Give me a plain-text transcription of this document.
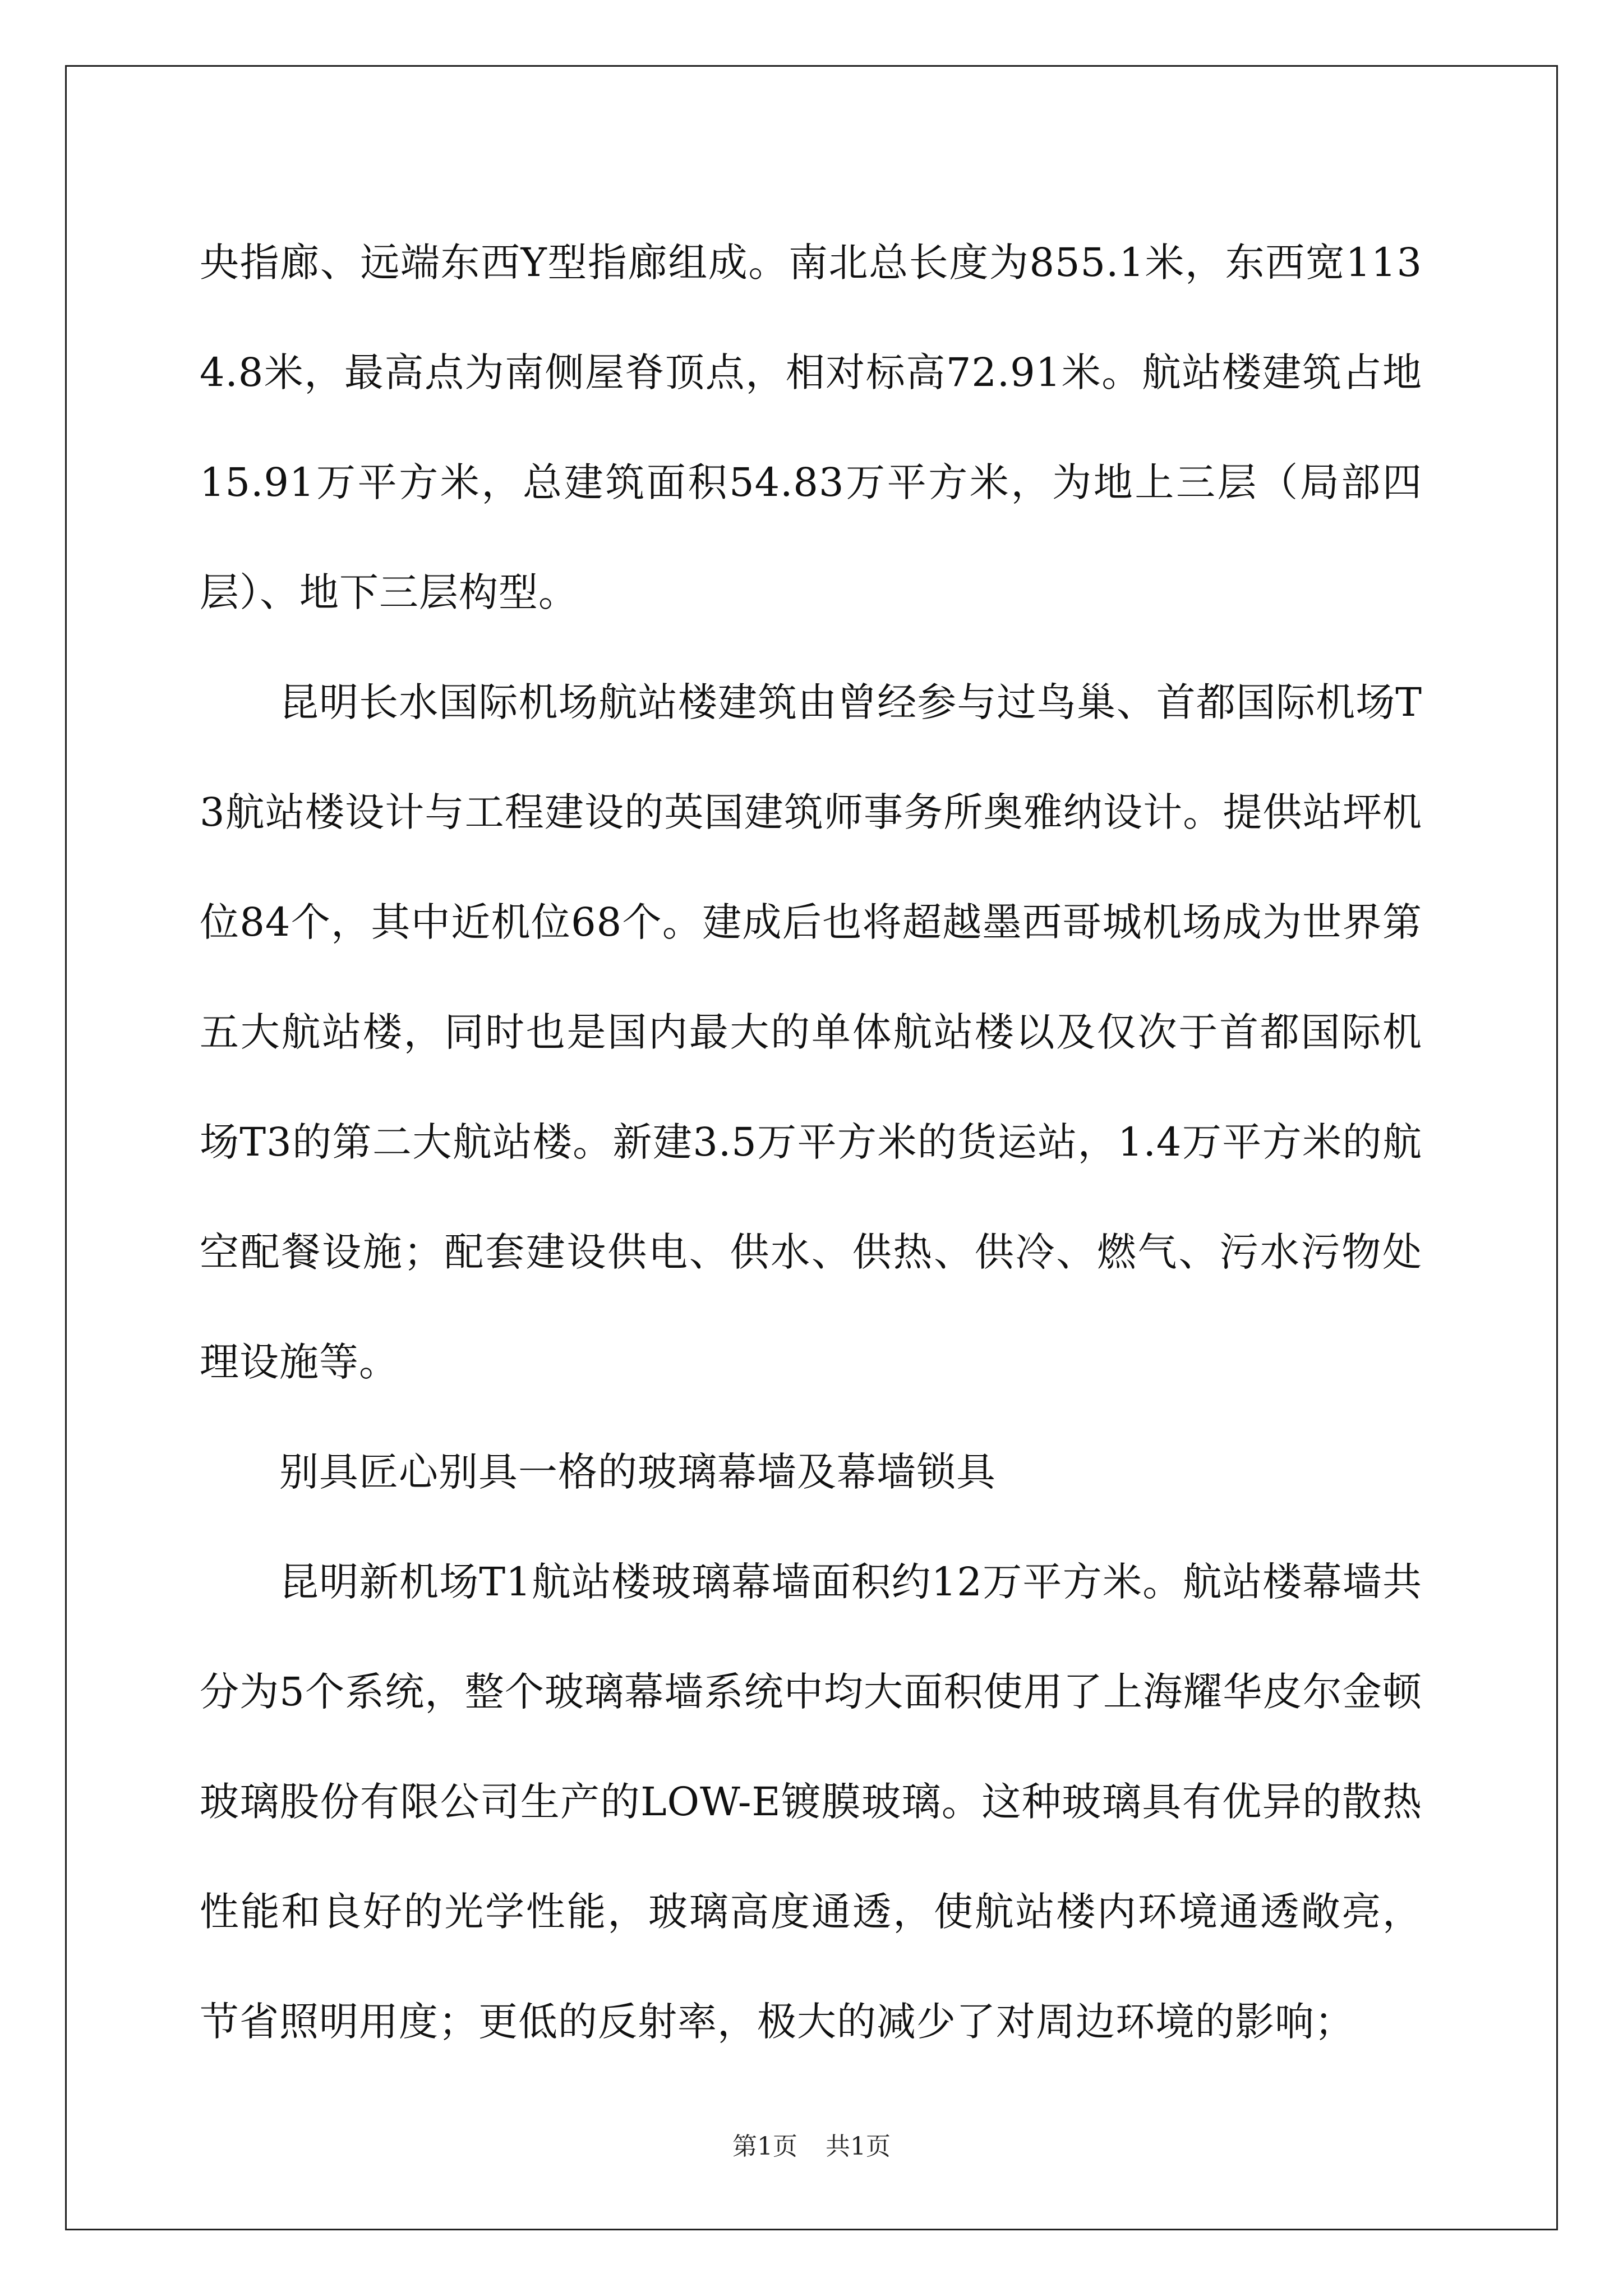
央指廊、远端东西Y型指廊组成。南北总长度为855.1米，东西宽1134.8米，最高点为南侧屋脊顶点，相对标高72.91米。航站楼建筑占地15.91万平方米，总建筑面积54.83万平方米，为地上三层（局部四层）、地下三层构型。

昆明长水国际机场航站楼建筑由曾经参与过鸟巢、首都国际机场T3航站楼设计与工程建设的英国建筑师事务所奥雅纳设计。提供站坪机位84个，其中近机位68个。建成后也将超越墨西哥城机场成为世界第五大航站楼，同时也是国内最大的单体航站楼以及仅次于首都国际机场T3的第二大航站楼。新建3.5万平方米的货运站，1.4万平方米的航空配餐设施；配套建设供电、供水、供热、供冷、燃气、污水污物处理设施等。

别具匠心别具一格的玻璃幕墙及幕墙锁具

昆明新机场T1航站楼玻璃幕墙面积约12万平方米。航站楼幕墙共分为5个系统，整个玻璃幕墙系统中均大面积使用了上海耀华皮尔金顿玻璃股份有限公司生产的LOW-E镀膜玻璃。这种玻璃具有优异的散热性能和良好的光学性能，玻璃高度通透，使航站楼内环境通透敞亮，节省照明用度；更低的反射率，极大的减少了对周边环境的影响；

第1页 共1页
